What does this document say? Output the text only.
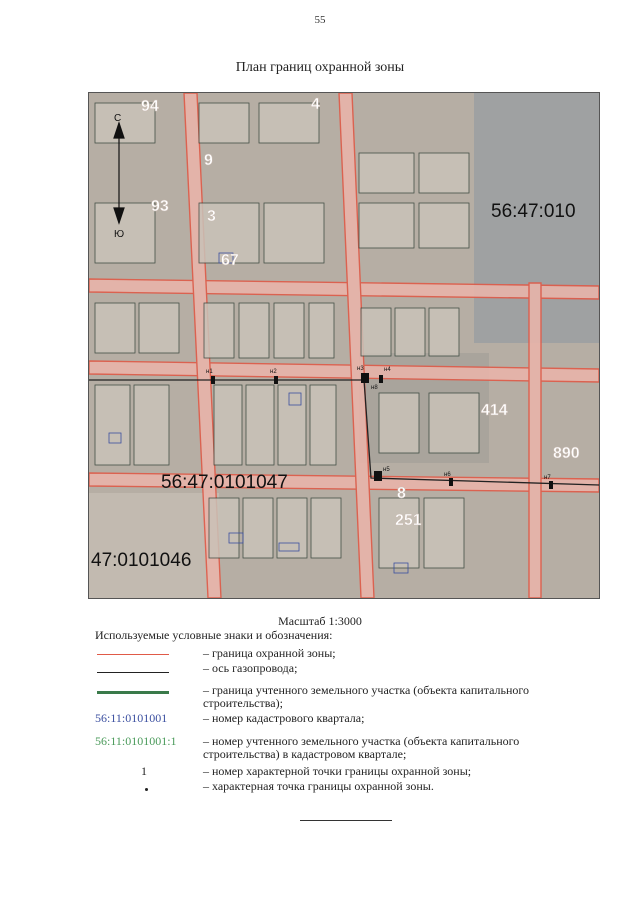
55
План границ охранной зоны
С
Ю
94	4
9
93
3
67
414
890
8
251
56:47:010
56:47:0101047
47:0101046
н1	н2	н3	н4
н5
н6	н7
н8
Масштаб 1:3000
Используемые условные знаки и обозначения:
– граница охранной зоны;
– ось газопровода;
– граница учтенного земельного участка (объекта капитального строительства);
56:11:0101001	– номер кадастрового квартала;
56:11:0101001:1 – номер учтенного земельного участка (объекта капитального строительства) в кадастровом квартале;
1	– номер характерной точки границы охранной зоны;
– характерная точка границы охранной зоны.
